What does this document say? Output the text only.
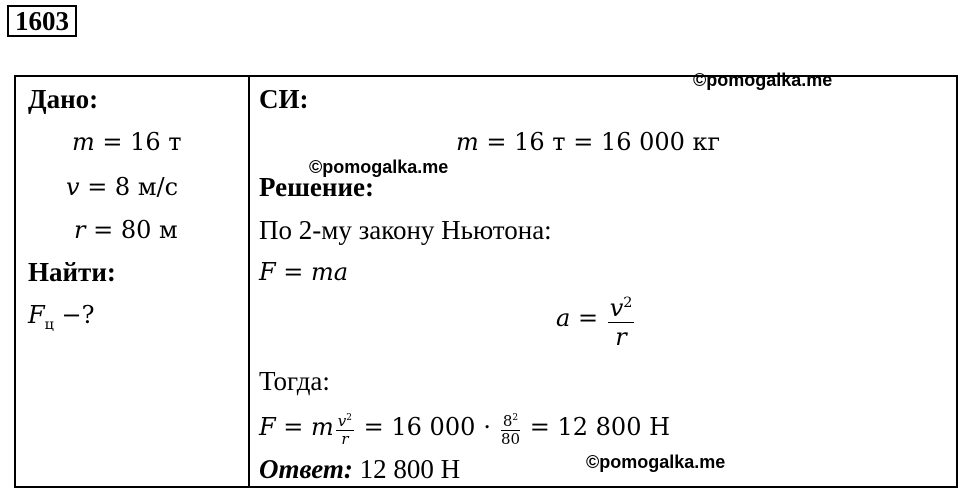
1603
Дано:
m = 16 т
v = 8 м/с
r = 80 м
Найти:
$F_ц$ −?
СИ:
m = 16 т = 16 000 кг
Решение:
По 2-му закону Ньютона:
F = ma
$a = \frac{v^2}{r}$
Тогда:
F = m $\frac{v^2}{r} = 16$ $000 \cdot \frac{8^2}{80} = 12$ 800 Н
Ответ: 12 800 Н
©pomogalka.me
©pomogalka.me
©pomogalka.me
